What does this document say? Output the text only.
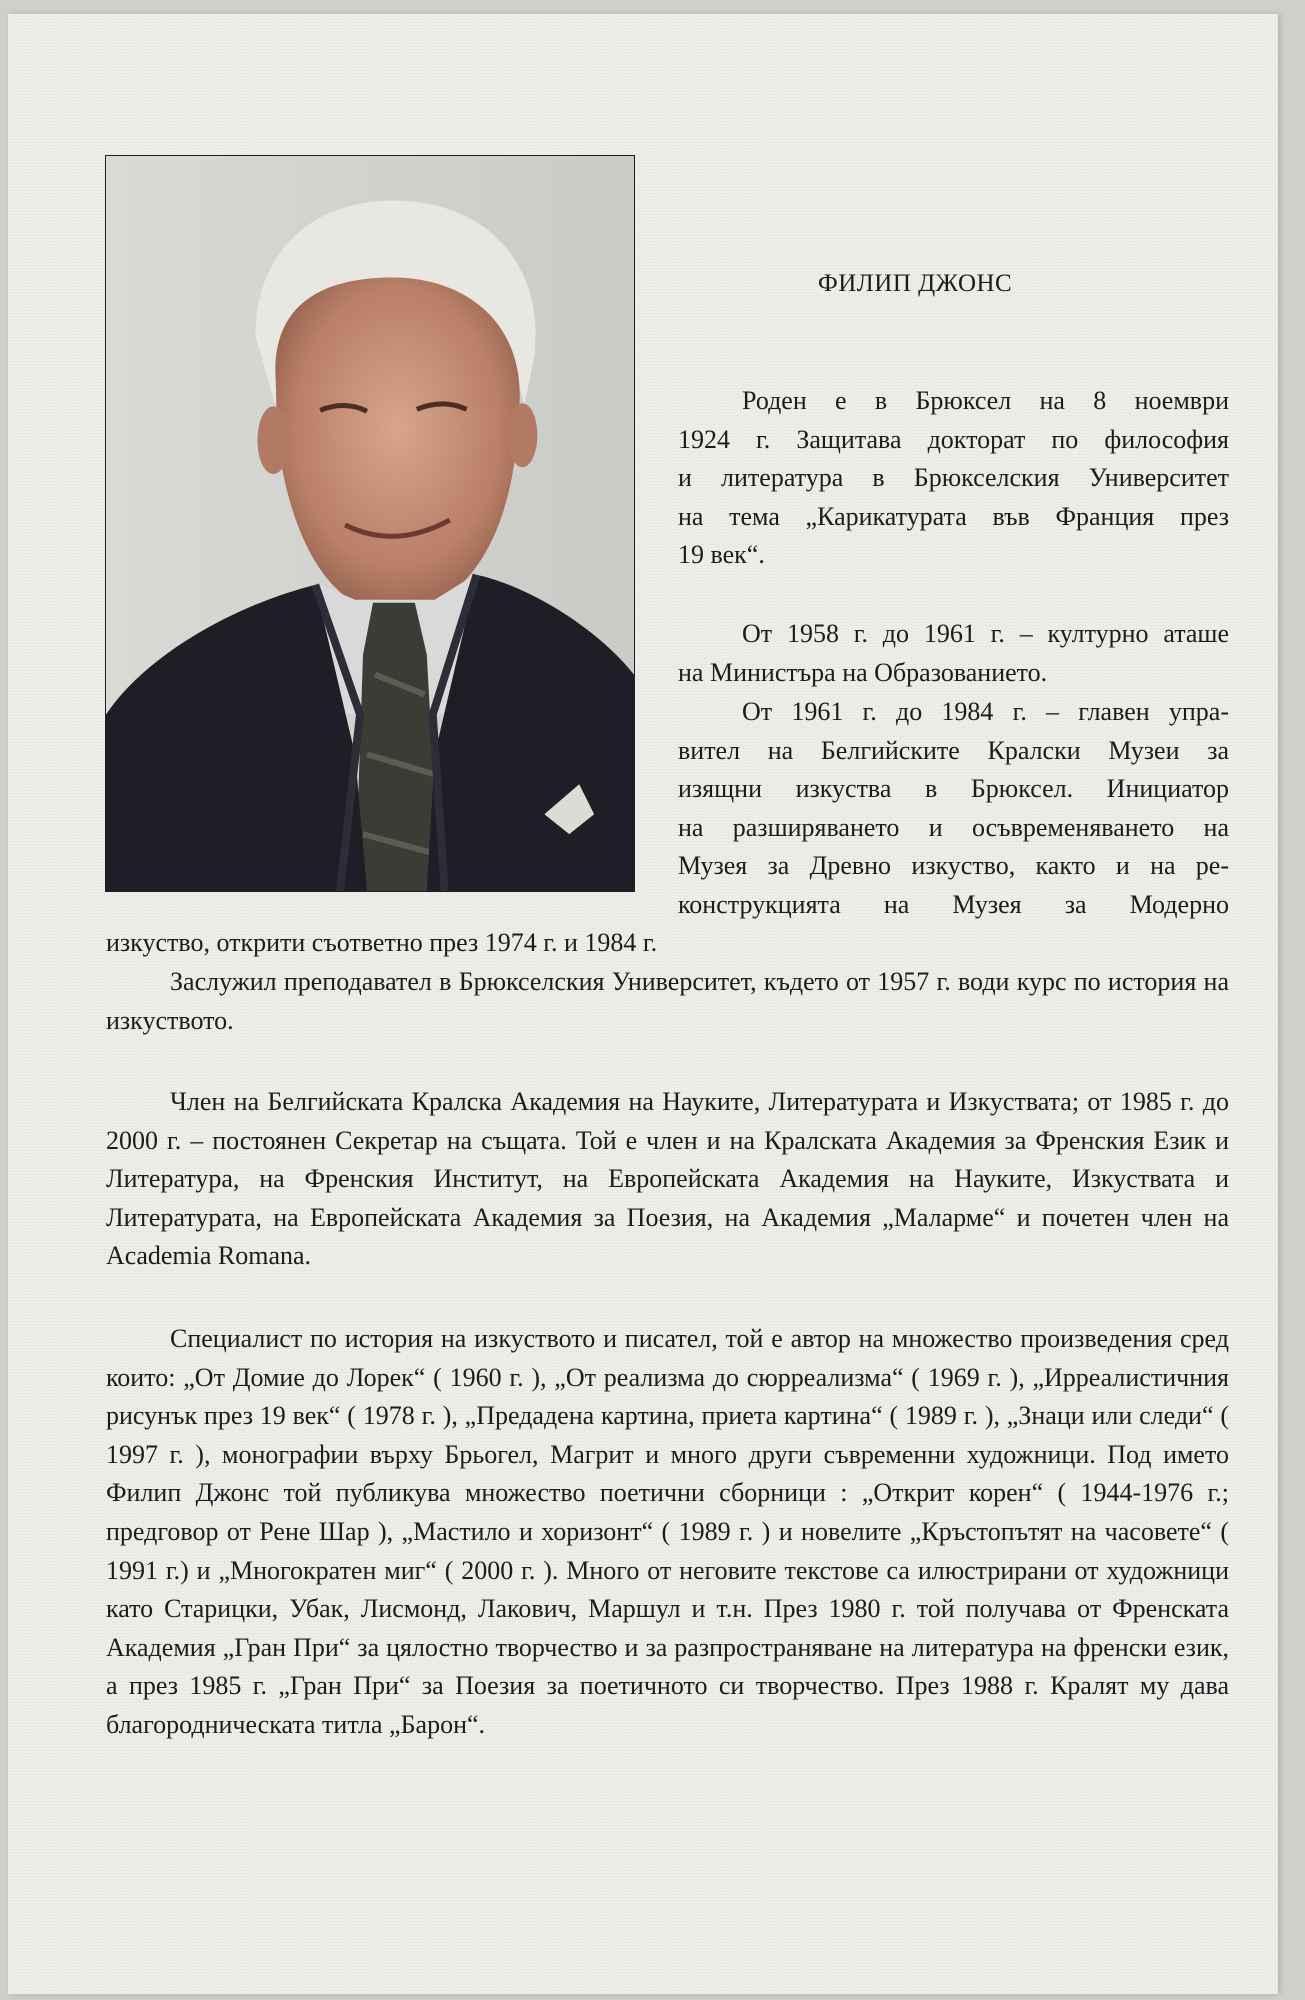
ФИЛИП ДЖОНС
Роден е в Брюксел на 8 ноември
1924 г. Защитава докторат по философия
и литература в Брюкселския Университет
на тема „Карикатурата във Франция през
19 век“.
От 1958 г. до 1961 г. – културно аташе
на Министъра на Образованието.
От 1961 г. до 1984 г. – главен упра-
вител на Белгийските Кралски Музеи за
изящни изкуства в Брюксел. Инициатор
на разширяването и осъвременяването на
Музея за Древно изкуство, както и на ре-
конструкцията на Музея за Модерно

изкуство, открити съответно през 1974 г. и 1984 г.

Заслужил преподавател в Брюкселския Университет, където от 1957 г. води курс по история на изкуството.

Член на Белгийската Кралска Академия на Науките, Литературата и Изкуствата; от 1985 г. до 2000 г. – постоянен Секретар на същата. Той е член и на Кралската Академия за Френския Език и Литература, на Френския Институт, на Европейската Академия на Науките, Изкуствата и Литературата, на Европейската Академия за Поезия, на Академия „Маларме“ и почетен член на Academia Romana.

Специалист по история на изкуството и писател, той е автор на множество произведения сред които: „От Домие до Лорек“ ( 1960 г. ), „От реализма до сюрреализма“ ( 1969 г. ), „Ирреалистичния рисунък през 19 век“ ( 1978 г. ), „Предадена картина, приета картина“ ( 1989 г. ), „Знаци или следи“ ( 1997 г. ), монографии върху Брьогел, Магрит и много други съвременни художници. Под името Филип Джонс той публикува множество поетични сборници : „Открит корен“ ( 1944-1976 г.; предговор от Рене Шар ), „Мастило и хоризонт“ ( 1989 г. ) и новелите „Кръстопътят на часовете“ ( 1991 г.) и „Многократен миг“ ( 2000 г. ). Много от неговите текстове са илюстрирани от художници като Старицки, Убак, Лисмонд, Лакович, Маршул и т.н. През 1980 г. той получава от Френската Академия „Гран При“ за цялостно творчество и за разпространяване на литература на френски език, а през 1985 г. „Гран При“ за Поезия за поетичното си творчество. През 1988 г. Кралят му дава благородническата титла „Барон“.
